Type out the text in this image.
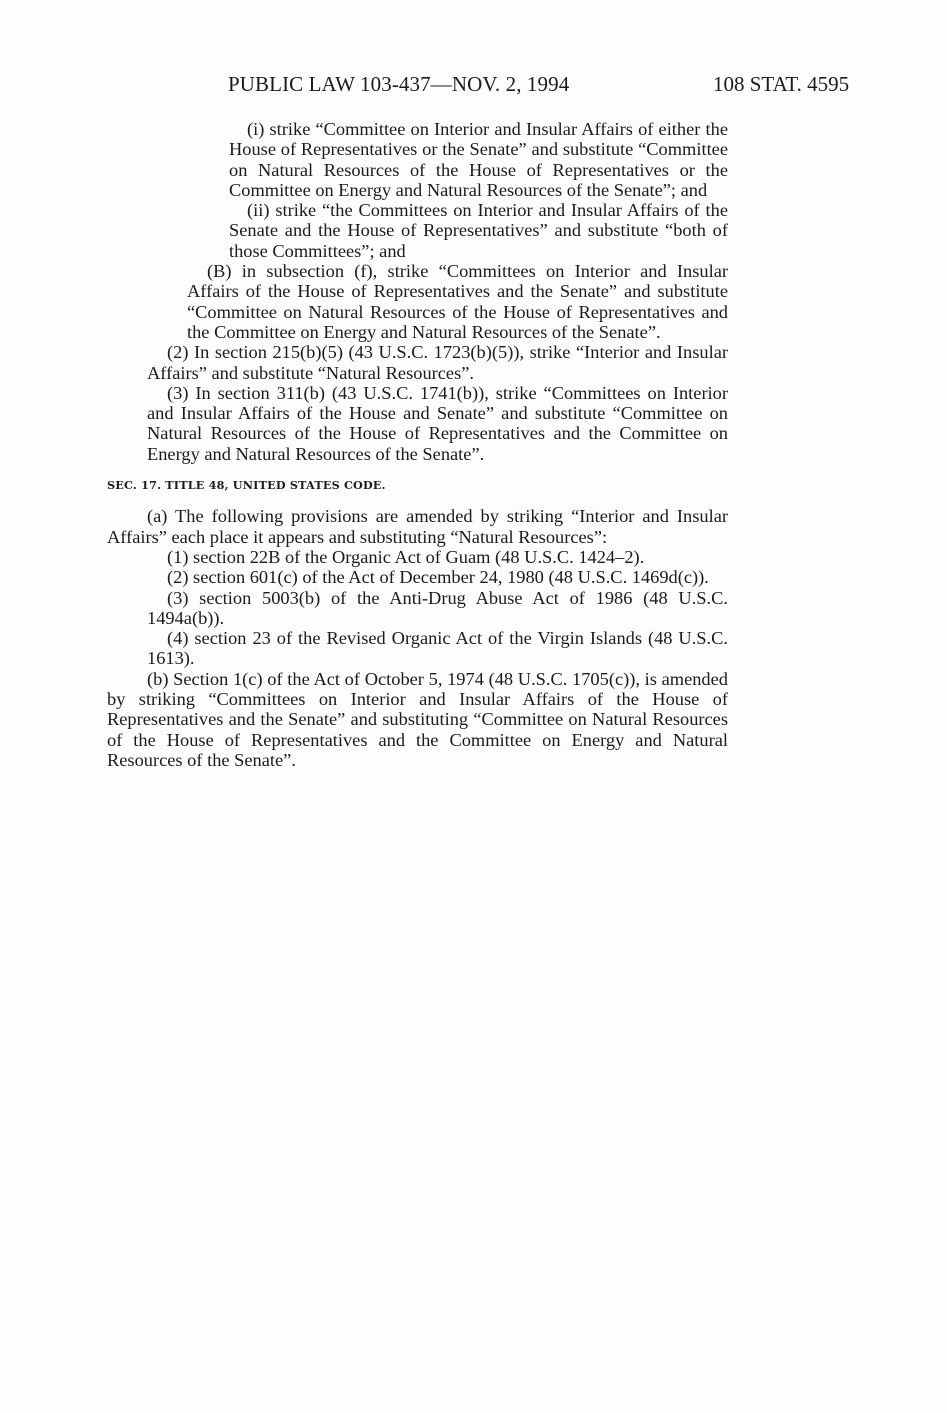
PUBLIC LAW 103-437—NOV. 2, 1994	108 STAT. 4595

(i) strike “Committee on Interior and Insular Affairs of either the House of Representatives or the Senate” and substitute “Committee on Natural Resources of the House of Representatives or the Committee on Energy and Natural Resources of the Senate”; and

(ii) strike “the Committees on Interior and Insular Affairs of the Senate and the House of Representatives” and substitute “both of those Committees”; and

(B) in subsection (f), strike “Committees on Interior and Insular Affairs of the House of Representatives and the Senate” and substitute “Committee on Natural Resources of the House of Representatives and the Committee on Energy and Natural Resources of the Senate”.

(2) In section 215(b)(5) (43 U.S.C. 1723(b)(5)), strike “Interior and Insular Affairs” and substitute “Natural Resources”.

(3) In section 311(b) (43 U.S.C. 1741(b)), strike “Committees on Interior and Insular Affairs of the House and Senate” and substitute “Committee on Natural Resources of the House of Representatives and the Committee on Energy and Natural Resources of the Senate”.

SEC. 17. TITLE 48, UNITED STATES CODE.

(a) The following provisions are amended by striking “Interior and Insular Affairs” each place it appears and substituting “Natural Resources”:

(1) section 22B of the Organic Act of Guam (48 U.S.C. 1424–2).

(2) section 601(c) of the Act of December 24, 1980 (48 U.S.C. 1469d(c)).

(3) section 5003(b) of the Anti-Drug Abuse Act of 1986 (48 U.S.C. 1494a(b)).

(4) section 23 of the Revised Organic Act of the Virgin Islands (48 U.S.C. 1613).

(b) Section 1(c) of the Act of October 5, 1974 (48 U.S.C. 1705(c)), is amended by striking “Committees on Interior and Insular Affairs of the House of Representatives and the Senate” and substituting “Committee on Natural Resources of the House of Representatives and the Committee on Energy and Natural Resources of the Senate”.
